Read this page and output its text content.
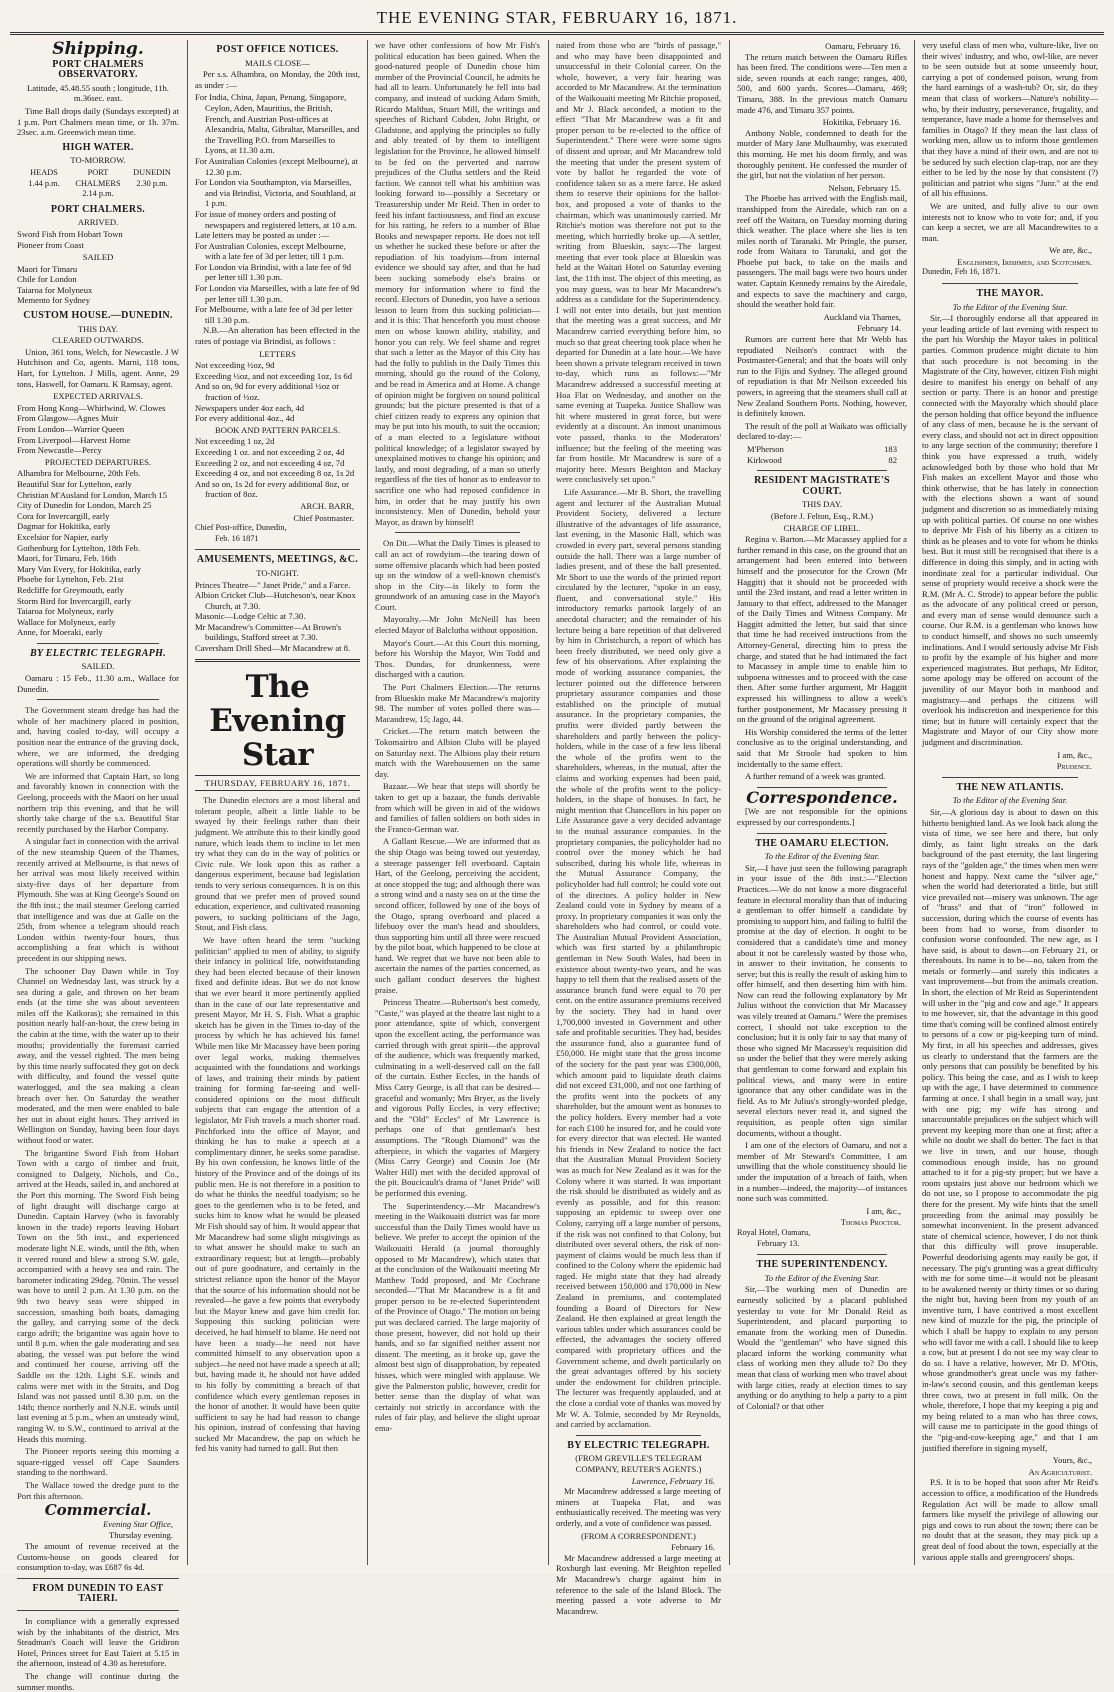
THE EVENING STAR, FEBRUARY 16, 1871.
Shipping.
PORT CHALMERS OBSERVATORY.

Latitude, 45.48.55 south ; longitude, 11h. m.36sec. east.

Time Ball drops daily (Sundays excepted) at 1 p.m. Port Chalmers mean time, or 1h. 37m. 23sec. a.m. Greenwich mean time.

HIGH WATER.
TO-MORROW.
HEADS
1.44 p.m.
PORT CHALMERS
2.14 p.m.
DUNEDIN
2.30 p.m.
PORT CHALMERS.
ARRIVED.

Sword Fish from Hobart Town
Pioneer from Coast

SAILED
Maori for Timaru
Chile for London
Taiaroa for Molyneux
Memento for Sydney
CUSTOM HOUSE.—DUNEDIN.
THIS DAY.
CLEARED OUTWARDS.

Union, 361 tons, Welch, for Newcastle. J W Hutchison and Co, agents. Marni, 118 tons, Hart, for Lyttelton. J Mills, agent. Anne, 29 tons, Haswell, for Oamaru. K Ramsay, agent.

EXPECTED ARRIVALS.
From Hong Kong—Whirlwind, W. Clowes
From Glasgow—Agnes Muir
From London—Warrior Queen
From Liverpool—Harvest Home
From Newcastle—Percy
PROJECTED DEPARTURES.
Alhambra for Melbourne, 20th Feb.
Beautiful Star for Lyttelton, early
Christian M'Ausland for London, March 15
City of Dunedin for London, March 25
Cora for Invercargill, early
Dagmar for Hokitika, early
Excelsior for Napier, early
Gothenburg for Lyttelton, 18th Feb.
Maori, for Timaru, Feb. 16th
Mary Van Every, for Hokitika, early
Phoebe for Lyttelton, Feb. 21st
Redcliffe for Greymouth, early
Storm Bird for Invercargill, early
Taiaroa for Molyneux, early
Wallace for Molyneux, early
Anne, for Moeraki, early
BY ELECTRIC TELEGRAPH.
SAILED.

Oamaru : 15 Feb., 11.30 a.m., Wallace for Dunedin.

The Government steam dredge has had the whole of her machinery placed in position, and, having coaled to-day, will occupy a position near the entrance of the graving dock, where, we are informed, the dredging operations will shortly be commenced.

We are informed that Captain Hart, so long and favorably known in connection with the Geelong, proceeds with the Maori on her usual northern trip this evening, and that he will shortly take charge of the s.s. Beautiful Star recently purchased by the Harbor Company.

A singular fact in connection with the arrival of the new steamship Queen of the Thames, recently arrived at Melbourne, is that news of her arrival was most likely received within sixty-five days of her departure from Plymouth. She was at King George's Sound on the 8th inst.; the mail steamer Geelong carried that intelligence and was due at Galle on the 25th, from whence a telegram should reach London within twenty-four hours, thus accomplishing a feat which is without precedent in our shipping news.

The schooner Day Dawn while in Toy Channel on Wednesday last, was struck by a sea during a gale, and thrown on her beam ends (at the time she was about seventeen miles off the Kaikoras); she remained in this position nearly half-an-hour, the crew being in the cabin at the time, with the water up to their mouths; providentially the foremast carried away, and the vessel righted. The men being by this time nearly suffocated they got on deck with difficulty, and found the vessel quite waterlogged, and the sea making a clean breach over her. On Saturday the weather moderated, and the men were enabled to bale her out in about eight hours. They arrived in Wellington on Sunday, having been four days without food or water.

The brigantine Sword Fish from Hobart Town with a cargo of timber and fruit, consigned to Dalgety, Nichols, and Co., arrived at the Heads, sailed in, and anchored at the Port this morning. The Sword Fish being of light draught will discharge cargo at Dunedin. Captain Harvey (who is favorably known in the trade) reports leaving Hobart Town on the 5th inst., and experienced moderate light N.E. winds, until the 8th, when it veered round and blew a strong S.W. gale, accompanied with a heavy sea and rain. The barometer indicating 29deg. 70min. The vessel was hove to until 2 p.m. At 1.30 p.m. on the 9th two heavy seas were shipped in succession, smashing both boats, damaging the galley, and carrying some of the deck cargo adrift; the brigantine was again hove to until 8 p.m. when the gale moderating and sea abating, the vessel was put before the wind and continued her course, arriving off the Saddle on the 12th. Light S.E. winds and calms were met with in the Straits, and Dog Island was not passed until 8.30 p.m. on the 14th; thence northerly and N.N.E. winds until last evening at 5 p.m., when an unsteady wind, ranging W. to S.W., continued to arrival at the Heads this morning.

The Pioneer reports seeing this morning a square-rigged vessel off Cape Saunders standing to the northward.

The Wallace towed the dredge punt to the Port this afternoon.

Commercial.
Evening Star Office,
Thursday evening.

The amount of revenue received at the Customs-house on goods cleared for consumption to-day, was £687 6s 4d.

FROM DUNEDIN TO EAST TAIERI.

In compliance with a generally expressed wish by the inhabitants of the district, Mrs Steadman's Coach will leave the Gridiron Hotel, Princes street for East Taieri at 5.15 in the afternoon, instead of 4.30 as heretofore.

The change will continue during the summer months.

POST OFFICE NOTICES.
MAILS CLOSE—

Per s.s. Alhambra, on Monday, the 20th inst, as under :—

For India, China, Japan, Penang, Singapore, Ceylon, Aden, Mauritius, the British, French, and Austrian Post-offices at Alexandria, Malta, Gibraltar, Marseilles, and the Travelling P.O. from Marseilles to Lyons, at 11.30 a.m.
For Australian Colonies (except Melbourne), at 12.30 p.m.
For London via Southampton, via Marseilles, and via Brindisi, Victoria, and Southland, at 1 p.m.
For issue of money orders and posting of newspapers and registered letters, at 10 a.m.
Late letters may be posted as under :—
For Australian Colonies, except Melbourne, with a late fee of 3d per letter, till 1 p.m.
For London via Brindisi, with a late fee of 9d per letter till 1.30 p.m.
For London via Marseilles, with a late fee of 9d per letter till 1.30 p.m.
For Melbourne, with a late fee of 3d per letter till 1.30 p.m.

N.B.—An alteration has been effected in the rates of postage via Brindisi, as follows :

LETTERS
Not exceeding ½oz, 9d
Exceeding ½oz, and not exceeding 1oz, 1s 6d
And so on, 9d for every additional ½oz or fraction of ½oz.
Newspapers under 4oz each, 4d
For every additional 4oz., 4d
BOOK AND PATTERN PARCELS.
Not exceeding 1 oz, 2d
Exceeding 1 oz. and not exceeding 2 oz, 4d
Exceeding 2 oz, and not exceeding 4 oz, 7d
Exceeding 4 oz, and not exceeding 8 oz, 1s 2d
And so on, 1s 2d for every additional 8oz, or fraction of 8oz.
ARCH. BARR,
Chief Postmaster.
Chief Post-office, Dunedin,
Feb. 16 1871
AMUSEMENTS, MEETINGS, &C.
TO-NIGHT.
Princes Theatre—" Janet Pride," and a Farce.
Albion Cricket Club—Hutcheson's, near Knox Church, at 7.30.
Masonic—Lodge Celtic at 7.30.
Mr Macandrew's Committee—At Brown's buildings, Stafford street at 7.30.
Caversham Drill Shed—Mr Macandrew at 8.
The Evening Star
THURSDAY, FEBRUARY 16, 1871.

The Dunedin electors are a most liberal and tolerant people, albeit a little liable to be swayed by their feelings rather than their judgment. We attribute this to their kindly good nature, which leads them to incline to let men try what they can do in the way of politics or Civic rule. We look upon this as rather a dangerous experiment, because bad legislation tends to very serious consequences. It is on this ground that we prefer men of proved sound education, experience, and cultivated reasoning powers, to sucking politicians of the Jago, Stout, and Fish class.

We have often heard the term "sucking politician" applied to men of ability, to signify their infancy in political life, notwithstanding they had been elected because of their known fixed and definite ideas. But we do not know that we ever heard it more pertinently applied than in the case of our late representative and present Mayor, Mr H. S. Fish. What a graphic sketch has he given in the Times to-day of the process by which he has achieved his fame! While men like Mr Macassey have been poring over legal works, making themselves acquainted with the foundations and workings of laws, and training their minds by patient training for forming far-seeing and well-considered opinions on the most difficult subjects that can engage the attention of a legislator, Mr Fish travels a much shorter road. Pitchforked into the office of Mayor, and thinking he has to make a speech at a complimentary dinner, he seeks some paradise. By his own confession, he knows little of the history of the Province and of the doings of its public men. He is not therefore in a position to do what he thinks the needful toadyism; so he goes to the gentlemen who is to be feted, and sucks him to know what he would be pleased Mr Fish should say of him. It would appear that Mr Macandrew had some slight misgivings as to what answer he should make to such an extraordinary request; but at length—probably out of pure goodnature, and certainly in the strictest reliance upon the honor of the Mayor that the source of his information should not be revealed—he gave a few points that everybody but the Mayor knew and gave him credit for. Supposing this sucking politician were deceived, he had himself to blame. He need not have been a toady—he need not have committed himself to any observation upon a subject—he need not have made a speech at all; but, having made it, he should not have added to his folly by committing a breach of that confidence which every gentleman reposes in the honor of another. It would have been quite sufficient to say he had had reason to change his opinion, instead of confessing that having sucked Mr Macandrew, the pap on which he fed his vanity had turned to gall. But then

we have other confessions of how Mr Fish's political education has been gained. When the good-natured people of Dunedin chose him member of the Provincial Council, he admits he had all to learn. Unfortunately he fell into bad company, and instead of sucking Adam Smith, Ricardo Malthus, Stuart Mill, the writings and speeches of Richard Cobden, John Bright, or Gladstone, and applying the principles so fully and ably treated of by them to intelligent legislation for the Province, he allowed himself to be fed on the perverted and narrow prejudices of the Clutha settlers and the Reid faction. We cannot tell what his ambition was looking forward to—possibly a Secretary or Treasurership under Mr Reid. Then in order to feed his infant factiousness, and find an excuse for his ratting, he refers to a number of Blue Books and newspaper reports. He does not tell us whether he sucked these before or after the repudiation of his toadyism—from internal evidence we should say after, and that he had been sucking somebody else's brains or memory for information where to find the record. Electors of Dunedin, you have a serious lesson to learn from this sucking politician—and it is this: That henceforth you must choose men on whose known ability, stability, and honor you can rely. We feel shame and regret that such a letter as the Mayor of this City has had the folly to publish in the Daily Times this morning, should go the round of the Colony, and be read in America and at Home. A change of opinion might be forgiven on sound political grounds; but the picture presented is that of a chief citizen ready to express any opinion that may be put into his mouth, to suit the occasion; of a man elected to a legislature without political knowledge; of a legislator swayed by unexplained motives to change his opinion; and lastly, and most degrading, of a man so utterly regardless of the ties of honor as to endeavor to sacrifice one who had reposed confidence in him, in order that he may justify his own inconsistency. Men of Dunedin, behold your Mayor, as drawn by himself!

On Dit.—What the Daily Times is pleased to call an act of rowdyism—the tearing down of some offensive placards which had been posted up on the window of a well-known chemist's shop in the City—is likely to form the groundwork of an amusing case in the Mayor's Court.

Mayoralty.—Mr John McNeill has been elected Mayor of Balclutha without opposition.

Mayor's Court.—At this Court this morning, before his Worship the Mayor, Wm Todd and Thos. Dundas, for drunkenness, were discharged with a caution.

The Port Chalmers Election.—The returns from Blueskin make Mr Macandrew's majority 98. The number of votes polled there was—Macandrew, 15; Jago, 44.

Cricket.—The return match between the Tokomairiro and Albion Clubs will be played on Saturday next. The Albions play their return match with the Warehousemen on the same day.

Bazaar.—We hear that steps will shortly be taken to get up a bazaar, the funds derivable from which will be given in aid of the widows and families of fallen soldiers on both sides in the Franco-German war.

A Gallant Rescue.—We are informed that as the ship Otago was being towed out yesterday, a steerage passenger fell overboard. Captain Hart, of the Geelong, perceiving the accident, at once stopped the tug; and although there was a strong wind and a nasty sea on at the time the second officer, followed by one of the boys of the Otago, sprang overboard and placed a lifebuoy over the man's head and shoulders, thus supporting him until all three were rescued by the pilot boat, which happened to be close at hand. We regret that we have not been able to ascertain the names of the parties concerned, as such gallant conduct deserves the highest praise.

Princess Theatre.—Robertson's best comedy, "Caste," was played at the theatre last night to a poor attendance, spite of which, convergent upon the excellent acting, the performance was carried through with great spirit—the approval of the audience, which was frequently marked, culminating in a well-deserved call on the fall of the curtain. Esther Eccles, in the hands of Miss Carry George, is all that can be desired—graceful and womanly; Mrs Bryer, as the lively and vigorous Polly Eccles, is very effective; and the "Old" Eccles" of Mr Lawrence is perhaps one of that gentleman's best assumptions. The "Rough Diamond" was the afterpiece, in which the vagaries of Margery (Miss Carry George) and Cousin Joe (Mr Walter Hill) met with the decided approval of the pit. Boucicault's drama of "Janet Pride" will be performed this evening.

The Superintendency.—Mr Macandrew's meeting in the Waikouaiti district was far more successful than the Daily Times would have us believe. We prefer to accept the opinion of the Waikouaiti Herald (a journal thoroughly opposed to Mr Macandrew), which states that at the conclusion of the Waikouaiti meeting Mr Matthew Todd proposed, and Mr Cochrane seconded—"That Mr Macandrew is a fit and proper person to be re-elected Superintendent of the Province of Otago." The motion on being put was declared carried. The large majority of those present, however, did not hold up their hands, and so far signified neither assent nor dissent. The meeting, as it broke up, gave the almost best sign of disapprobation, by repeated hisses, which were mingled with applause. We give the Palmerston public, however, credit for better sense than the display of what was certainly not strictly in accordance with the rules of fair play, and believe the slight uproar ema-

nated from those who are "birds of passage," and who may have been disappointed and unsuccessful in their Colonial career. On the whole, however, a very fair hearing was accorded to Mr Macandrew. At the termination of the Waikouaiti meeting Mr Ritchie proposed, and Mr J. Black seconded, a motion to the effect "That Mr Macandrew was a fit and proper person to be re-elected to the office of Superintendent." There were were some signs of dissent and uproar, and Mr Macandrew told the meeting that under the present system of vote by ballot he regarded the vote of confidence taken so as a mere farce. He asked them to reserve their opinions for the ballot-box, and proposed a vote of thanks to the chairman, which was unanimously carried. Mr Ritchie's motion was therefore not put to the meeting, which hurriedly broke up.—A settler, writing from Blueskin, says:—The largest meeting that ever took place at Blueskin was held at the Waitati Hotel on Saturday evening last, the 11th inst. The object of this meeting, as you may guess, was to hear Mr Macandrew's address as a candidate for the Superintendency. I will not enter into details, but just mention that the meeting was a great success, and Mr Macandrew carried everything before him, so much so that great cheering took place when he departed for Dunedin at a late hour.—We have been shown a private telegram received in town to-day, which runs as follows:—"Mr Macandrew addressed a successful meeting at Hoa Flat on Wednesday, and another on the same evening at Tuapeka. Justice Shallow was hit where mustered in great force, but were evidently at a discount. An inmost unanimous vote passed, thanks to the Moderators' influence; but the feeling of the meeting was far from hostile. Mr Macandrew is sure of a majority here. Messrs Beighton and Mackay were conclusively set upon."

Life Assurance.—Mr B. Short, the travelling agent and lecturer of the Australian Mutual Provident Society, delivered a lecture illustrative of the advantages of life assurance, last evening, in the Masonic Hall, which was crowded in every part, several persons standing outside the hall. There was a large number of ladies present, and of these the hall presented. Mr Short to use the words of the printed report circulated by the lecturer, "spoke in an easy, fluent, and conversational style." His introductory remarks partook largely of an anecdotal character; and the remainder of his lecture being a bare repetition of that delivered by him in Christchurch, a report of which has been freely distributed, we need only give a few of his observations. After explaining the mode of working assurance companies, the lecturer pointed out the difference between proprietary assurance companies and those established on the principle of mutual assurance. In the proprietary companies, the profits were divided partly between the shareholders and partly between the policy-holders, while in the case of a few less liberal the whole of the profits went to the shareholders, whereas, in the mutual, after the claims and working expenses had been paid, the whole of the profits went to the policy-holders, in the shape of bonuses. In fact, he might mention that Chancellors in his paper on Life Assurance gave a very decided advantage to the mutual assurance companies. In the proprietary companies, the policyholder had no control over the money which he had subscribed, during his whole life, whereas in the Mutual Assurance Company, the policyholder had full control; he could vote out of the directors. A policy holder in New Zealand could vote in Sydney by means of a proxy. In proprietary companies it was only the shareholders who had control, or could vote. The Australian Mutual Provident Association, which was first started by a philanthropic gentleman in New South Wales, had been in existence about twenty-two years, and he was happy to tell them that the realised assets of the assurance branch fund were equal to 70 per cent. on the entire assurance premiums received by the society. They had in hand over 1,700,000 invested in Government and other safe and profitable securities. They had, besides the assurance fund, also a guarantee fund of £50,000. He might state that the gross income of the society for the past year was £300,000, which amount paid to liquidate death claims did not exceed £31,000, and not one farthing of the profits went into the pockets of any shareholder, but the amount went as bonuses to the policy holders. Every member had a vote for each £100 he insured for, and he could vote for every director that was elected. He wanted his friends in New Zealand to notice the fact that the Australian Mutual Provident Society was as much for New Zealand as it was for the Colony where it was started. It was important the risk should be distributed as widely and as evenly as possible, and for this reason: supposing an epidemic to sweep over one Colony, carrying off a large number of persons, if the risk was not confined to that Colony, but distributed over several others, the risk of non-payment of claims would be much less than if confined to the Colony where the epidemic had raged. He might state that they had already received between 150,000 and 170,000 in New Zealand in premiums, and contemplated founding a Board of Directors for New Zealand. He then explained at great length the various tables under which assurances could be effected, the advantages the society offered compared with proprietary offices and the Government scheme, and dwelt particularly on the great advantages offered by his society under the endowment for children principle. The lecturer was frequently applauded, and at the close a cordial vote of thanks was moved by Mr W. A. Tolmie, seconded by Mr Reynolds, and carried by acclamation.

BY ELECTRIC TELEGRAPH.
(FROM GREVILLE'S TELEGRAM COMPANY, REUTER'S AGENTS.)
Lawrence, February 16.

Mr Macandrew addressed a large meeting of miners at Tuapeka Flat, and was enthusiastically received. The meeting was very orderly, and a vote of confidence was passed.

(FROM A CORRESPONDENT.)
February 16.

Mr Macandrew addressed a large meeting at Roxburgh last evening. Mr Beighton repelled Mr Macandrew's charge against him in reference to the sale of the Island Block. The meeting passed a vote adverse to Mr Macandrew.

Oamaru, February 16.

The return match between the Oamaru Rifles has been fired. The conditions were—Ten men a side, seven rounds at each range; ranges, 400, 500, and 600 yards. Scores—Oamaru, 469; Timaru, 388. In the previous match Oamaru made 476, and Timaru 357 points.

Hokitika, February 16.

Anthony Noble, condemned to death for the murder of Mary Jane Mulhaumby, was executed this morning. He met his doom firmly, and was thoroughly penitent. He confessed the murder of the girl, but not the violation of her person.

Nelson, February 15.

The Phoebe has arrived with the English mail, transhipped from the Airedale, which ran on a reef off the Waitara, on Tuesday morning during thick weather. The place where she lies is ten miles north of Taranaki. Mr Pringle, the purser, rode from Waitara to Taranaki, and got the Phoebe put back, to take on the mails and passengers. The mail bags were two hours under water. Captain Kennedy remains by the Airedale, and expects to save the machinery and cargo, should the weather hold fair.

Auckland via Thames,
February 14.

Rumors are current here that Mr Webb has repudiated Neilson's contract with the Postmaster-General; and that the boats will only run to the Fijis and Sydney. The alleged ground of repudiation is that Mr Neilson exceeded his powers, in agreeing that the steamers shall call at New Zealand Southern Ports. Nothing, however, is definitely known.

The result of the poll at Waikato was officially declared to-day:—

M'Pherson	183
Kirkwood	82
RESIDENT MAGISTRATE'S COURT.
THIS DAY.
(Before J. Felton, Esq., R.M.)
CHARGE OF LIBEL.

Regina v. Barton.—Mr Macassey applied for a further remand in this case, on the ground that an arrangement had been entered into between himself and the prosecutor for the Crown (Mr Haggitt) that it should not be proceeded with until the 23rd instant, and read a letter written in January to that effect, addressed to the Manager of the Daily Times and Witness Company. Mr Haggitt admitted the letter, but said that since that time he had received instructions from the Attorney-General, directing him to press the charge, and stated that he had intimated the fact to Macassey in ample time to enable him to subpoena witnesses and to proceed with the case then. After some further argument, Mr Haggitt expressed his willingness to allow a week's further postponement, Mr Macassey pressing it on the ground of the original agreement.

His Worship considered the terms of the letter conclusive as to the original understanding, and said that Mr Stroole had spoken to him incidentally to the same effect.

A further remand of a week was granted.

Correspondence.

[We are not responsible for the opinions expressed by our correspondents.]

THE OAMARU ELECTION.
To the Editor of the Evening Star.

Sir,—I have just seen the following paragraph in your issue of the 8th inst.:—"Election Practices.—We do not know a more disgraceful feature in electoral morality than that of inducing a gentleman to offer himself a candidate by promising to support him, and failing to fulfil the promise at the day of election. It ought to be considered that a candidate's time and money about it not be carelessly wasted by those who, in answer to their invitation, he consents to serve; but this is really the result of asking him to offer himself, and then deserting him with him. Now can read the following explanatory by Mr Julius without the conviction that Mr Macassey was vilely treated at Oamaru." Were the premises correct, I should not take exception to the conclusion; but it is only fair to say that many of those who signed Mr Macassey's requisition did so under the belief that they were merely asking that gentleman to come forward and explain his political views, and many were in entire ignorance that any other candidate was in the field. As to Mr Julius's strongly-worded pledge, several electors never read it, and signed the requisition, as people often sign similar documents, without a thought.

I am one of the electors of Oamaru, and not a member of Mr Steward's Committee, I am unwilling that the whole constituency should lie under the imputation of a breach of faith, when in a number—indeed, the majority—of instances none such was committed.

I am, &c.,
Thomas Proctor.
Royal Hotel, Oamaru,
February 13.
THE SUPERINTENDENCY.
To the Editor of the Evening Star.

Sir,—The working men of Dunedin are earnestly solicited by a placard published yesterday to vote for Mr Donald Reid as Superintendent, and placard purporting to emanate from the working men of Dunedin. Would the "gentleman" who have signed this placard inform the working community what class of working men they allude to? Do they mean that class of working men who travel about with large cities, ready at election times to say anything or do anything to help a party to a pint of Colonial? or that other

very useful class of men who, vulture-like, live on their wives' industry, and who, owl-like, are never to be seen outside but at some unseemly hour, carrying a pot of condensed poison, wrung from the hard earnings of a wash-tub? Or, sir, do they mean that class of workers—Nature's nobility—who, by their industry, perseverance, frugality, and temperance, have made a home for themselves and families in Otago? If they mean the last class of working men, allow us to inform those gentlemen that they have a mind of their own, and are not to be seduced by such election clap-trap, nor are they either to be led by the nose by that consistent (?) politician and patriot who signs "Junr." at the end of all his effusions.

We are united, and fully alive to our own interests not to know who to vote for; and, if you can keep a secret, we are all Macandrewites to a man.

We are, &c.,
Englishmen, Irishmen, and Scotchmen.
Dunedin, Feb 16, 1871.
THE MAYOR.
To the Editor of the Evening Star.

Sir,—I thoroughly endorse all that appeared in your leading article of last evening with respect to the part his Worship the Mayor takes in political parties. Common prudence might dictate to him that such procedure is not becoming in the Magistrate of the City, however, citizen Fish might desire to manifest his energy on behalf of any section or party. There is an honor and prestige connected with the Mayoralty which should place the person holding that office beyond the influence of any class of men, because he is the servant of every class, and should not act in direct opposition to any large section of the community; therefore I think you have expressed a truth, widely acknowledged both by those who hold that Mr Fish makes an excellent Mayor and those who think otherwise, that he has lately in connection with the elections shown a want of sound judgment and discretion so as immediately mixing up with political parties. Of course no one wishes to deprive Mr Fish of his liberty as a citizen to think as he pleases and to vote for whom he thinks best. But it must still be recognised that there is a difference in doing this simply, and in acting with inordinate zeal for a particular individual. Our sense of propriety would receive a shock were the R.M. (Mr A. C. Strode) to appear before the public as the advocate of any political creed or person, and every man of sense would denounce such a course. Our R.M. is a gentleman who knows how to conduct himself, and shows no such unseemly inclinations. And I would seriously advise Mr Fish to profit by the example of his higher and more experienced magistrates. But perhaps, Mr Editor, some apology may be offered on account of the juvenility of our Mayor both in manhood and magistracy—and perhaps the citizens will overlook his indiscretion and inexperience for this time; but in future will certainly expect that the Magistrate and Mayor of our City show more judgment and discrimination.

I am, &c.,
Prudence.
THE NEW ATLANTIS.
To the Editor of the Evening Star.

Sir,—A glorious day is about to dawn on this hitherto benighted land. As we look back along the vista of time, we see here and there, but only dimly, as faint light streaks on the dark background of the past eternity, the last lingering rays of the "golden age," the times when men were honest and happy. Next came the "silver age," when the world had deteriorated a little, but still vice prevailed not—misery was unknown. The age of "brass" and that of "iron" followed in succession, during which the course of events has been from bad to worse, from disorder to confusion worse confounded. The new age, as I have said, is about to dawn—on February 21, or thereabouts. Its name is to be—no, taken from the metals or formerly—and surely this indicates a vast improvement—but from the animals creation. In short, the election of Mr Reid as Superintendent will usher in the "pig and cow and age." It appears to me however, sir, that the advantage in this good time that's coming will be confined almost entirely to persons of a cow or pig-keeping turn of mind. My first, in all his speeches and addresses, gives us clearly to understand that the farmers are the only persons that can possibly be benefited by his policy. This being the case, and as I wish to keep up with the age, I have determined to commence farming at once. I shall begin in a small way, just with one pig; my wife has strong and unaccountable prejudices on the subject which will prevent my keeping more than one at first; after a while no doubt we shall do better. The fact is that we live in town, and our house, though commodious enough inside, has no ground attached to it for a pig-sty proper; but we have a room upstairs just above our bedroom which we do not use, so I propose to accommodate the pig there for the present. My wife hints that the smell proceeding from the animal may possibly be somewhat inconvenient. In the present advanced state of chemical science, however, I do not think that this difficulty will prove insuperable. Powerful deodorising agents may easily be got, if necessary. The pig's grunting was a great difficulty with me for some time—it would not be pleasant to be awakened twenty or thirty times or so during the night but, having been from my youth of an inventive turn, I have contrived a most excellent new kind of muzzle for the pig, the principle of which I shall be happy to explain to any person who will favor me with a call. I should like to keep a cow, but at present I do not see my way clear to do so. I have a relative, however, Mr D. M'Otis, whose grandmother's great uncle was my father-in-law's second cousin, and this gentleman keeps three cows, two at present in full milk. On the whole, therefore, I hope that my keeping a pig and my being related to a man who has three cows, will cause me to participate in the good things of the "pig-and-cow-keeping age," and that I am justified therefore in signing myself,

Yours, &c.,
An Agriculturist.

P.S. It is to be hoped that soon after Mr Reid's accession to office, a modification of the Hundreds Regulation Act will be made to allow small farmers like myself the privilege of allowing our pigs and cows to run about the town; there can be no doubt that at the season, they may pick up a great deal of food about the town, especially at the various apple stalls and greengrocers' shops.
